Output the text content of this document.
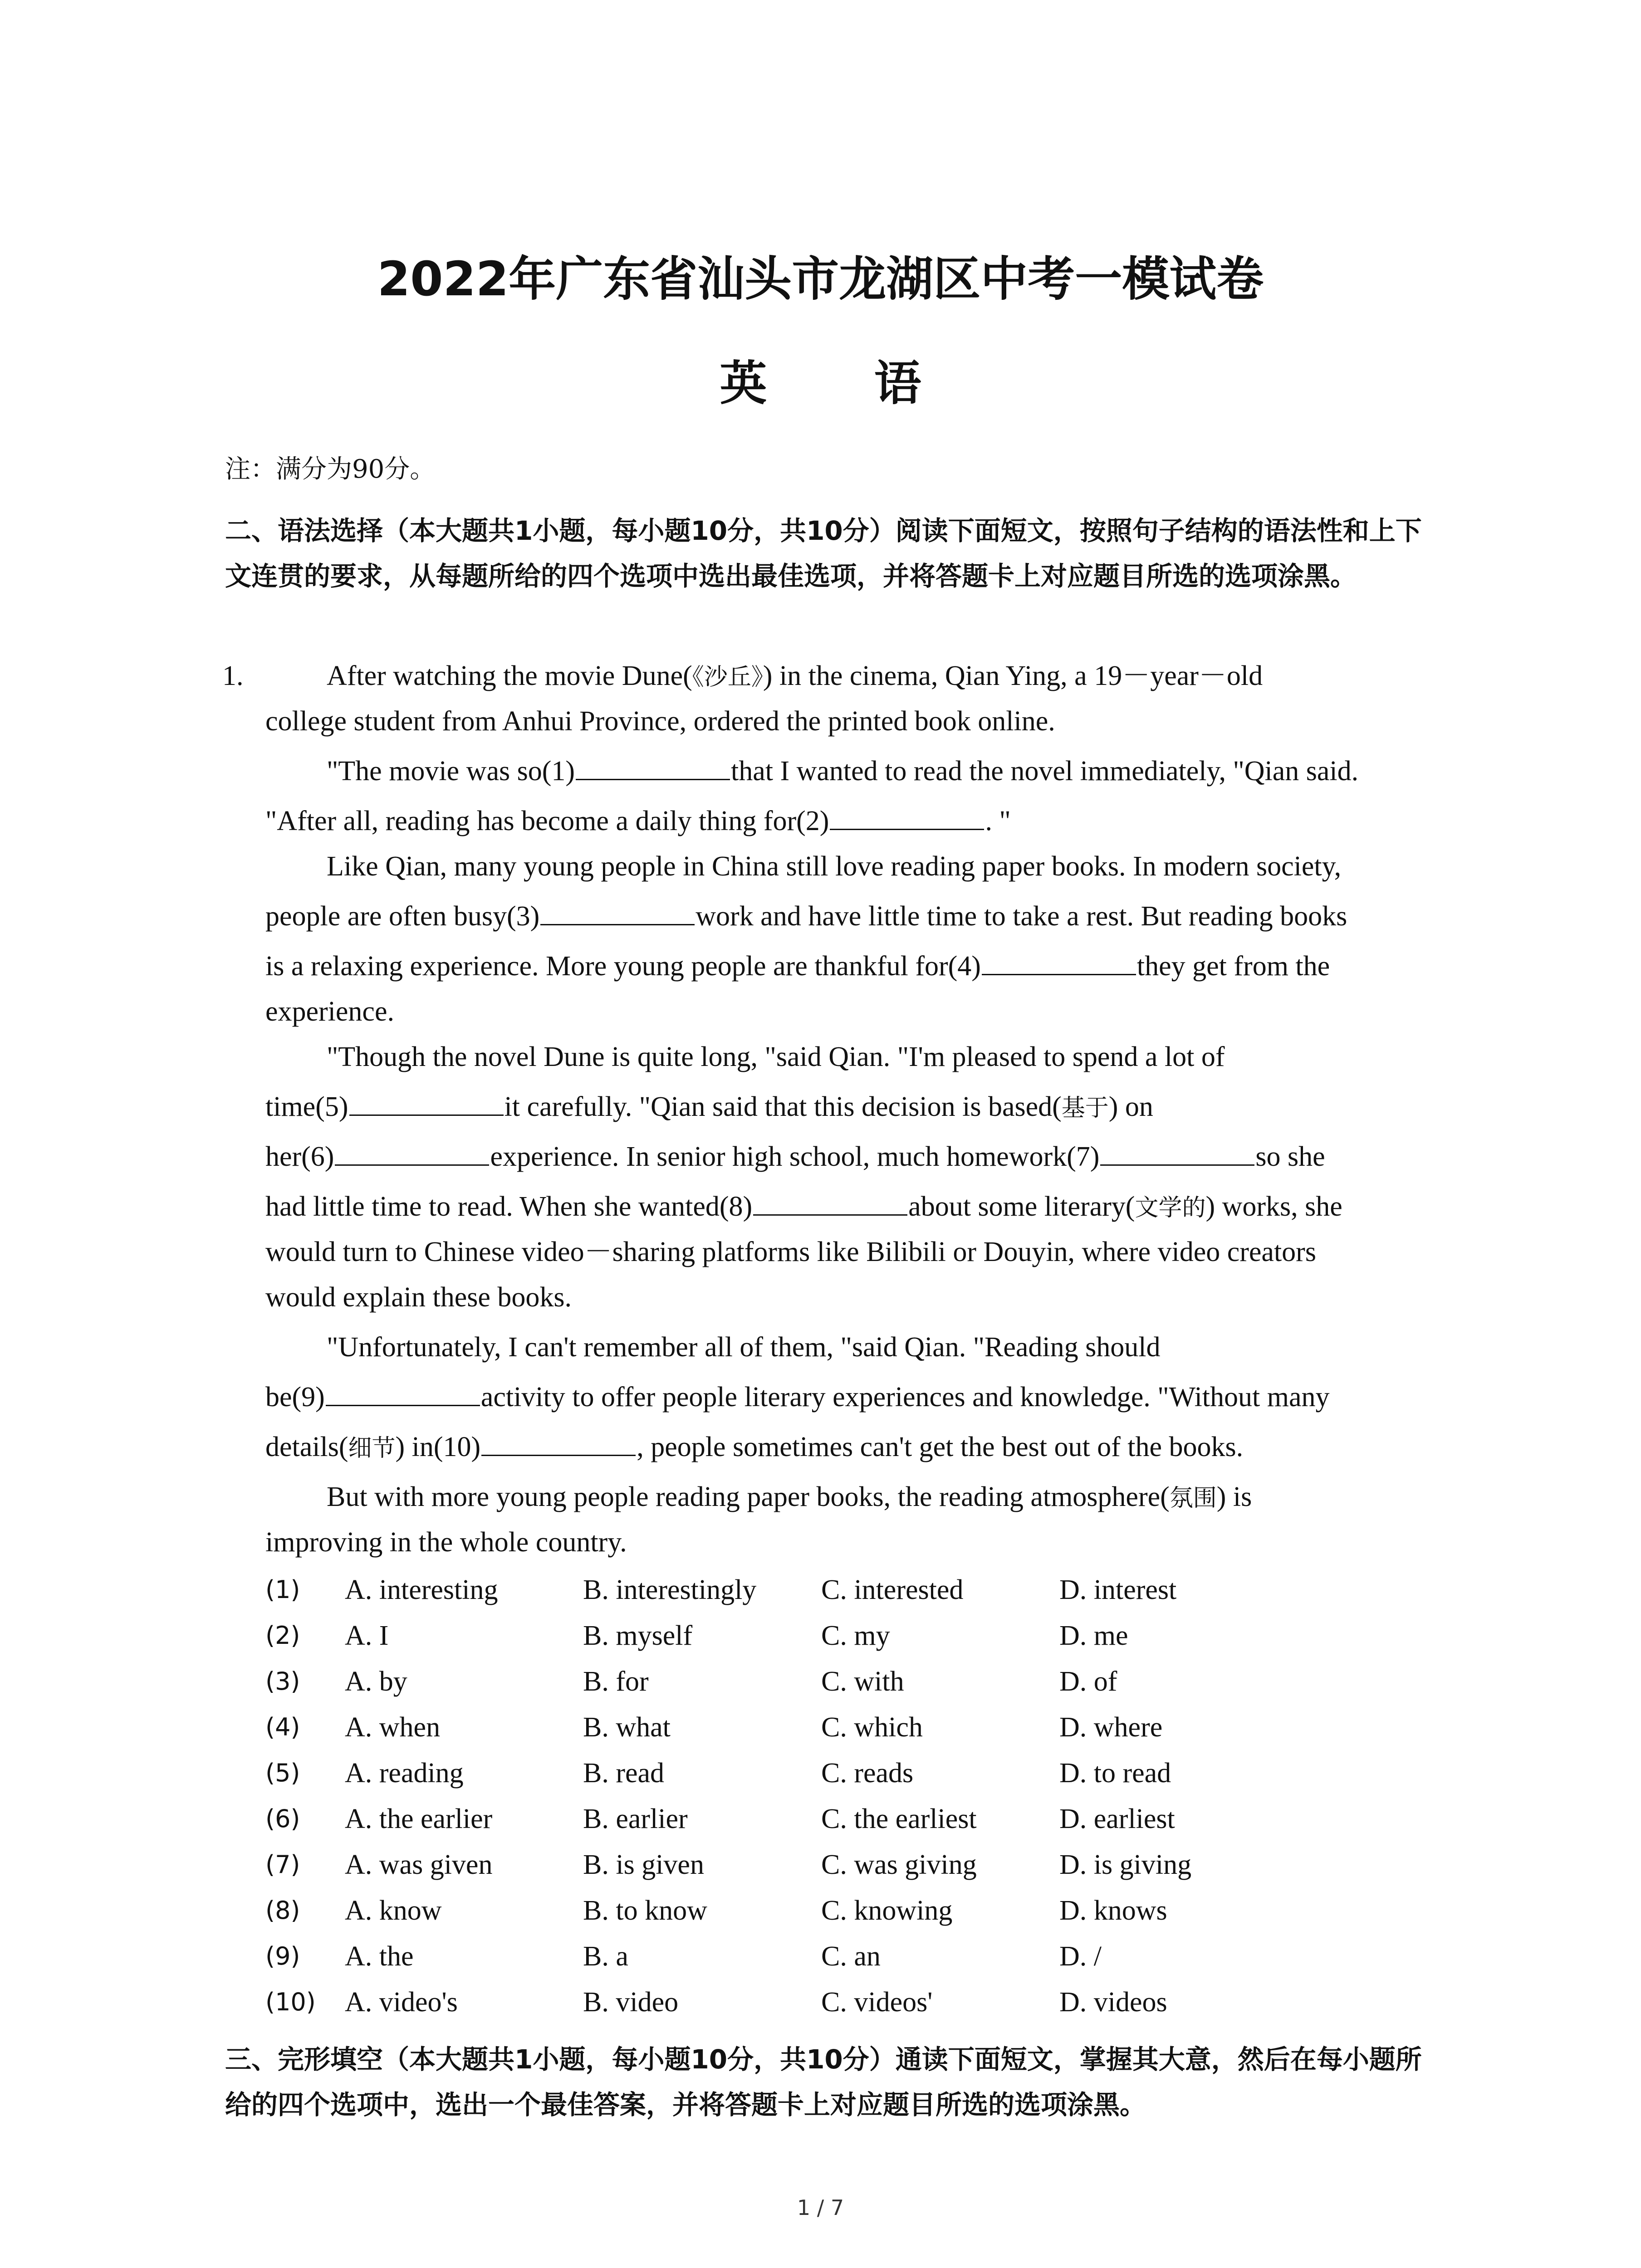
2022年广东省汕头市龙湖区中考一模试卷
英 语
注：满分为90分。

二、语法选择（本大题共1小题，每小题10分，共10分）阅读下面短文，按照句子结构的语法性和上下文连贯的要求，从每题所给的四个选项中选出最佳选项，并将答题卡上对应题目所选的选项涂黑。

1.	After watching the movie Dune(《沙丘》) in the cinema, Qian Ying, a 19－year－old
college student from Anhui Province, ordered the printed book online.
"The movie was so(1)	that I wanted to read the novel immediately, "Qian said.
"After all, reading has become a daily thing for(2)	. "
Like Qian, many young people in China still love reading paper books. In modern society,
people are often busy(3)	work and have little time to take a rest. But reading books
is a relaxing experience. More young people are thankful for(4)	they get from the
experience.
"Though the novel Dune is quite long, "said Qian. "I'm pleased to spend a lot of
time(5)	it carefully. "Qian said that this decision is based(基于) on
her(6)	experience. In senior high school, much homework(7)	so she
had little time to read. When she wanted(8)	about some literary(文学的) works, she
would turn to Chinese video－sharing platforms like Bilibili or Douyin, where video creators
would explain these books.
"Unfortunately, I can't remember all of them, "said Qian. "Reading should
be(9)	activity to offer people literary experiences and knowledge. "Without many
details(细节) in(10)	, people sometimes can't get the best out of the books.
But with more young people reading paper books, the reading atmosphere(氛围) is
improving in the whole country.
(1) A. interesting	B. interestingly C. interested	D. interest
(2) A. I	B. myself	C. my	D. me
(3) A. by	B. for	C. with	D. of
(4) A. when	B. what	C. which	D. where
(5) A. reading	B. read	C. reads	D. to read
(6) A. the earlier	B. earlier	C. the earliest	D. earliest
(7) A. was given	B. is given	C. was giving	D. is giving
(8) A. know	B. to know	C. knowing	D. knows
(9) A. the	B. a	C. an	D. /
(10) A. video's	B. video	C. videos'	D. videos

三、完形填空（本大题共1小题，每小题10分，共10分）通读下面短文，掌握其大意，然后在每小题所给的四个选项中，选出一个最佳答案，并将答题卡上对应题目所选的选项涂黑。

1 / 7
